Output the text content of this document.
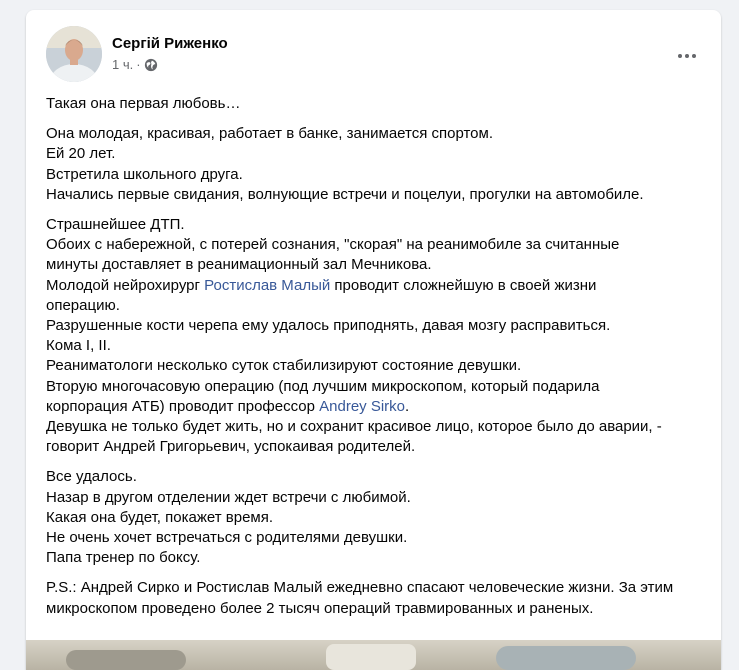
Сергій Риженко
1 ч. ·
Такая она первая любовь…
Она молодая, красивая, работает в банке, занимается спортом.
Ей 20 лет.
Встретила школьного друга.
Начались первые свидания, волнующие встречи и поцелуи, прогулки на автомобиле.
Страшнейшее ДТП.
Обоих с набережной, с потерей сознания, "скорая" на реанимобиле за считанные
минуты доставляет в реанимационный зал Мечникова.
Молодой нейрохирург Ростислав Малый проводит сложнейшую в своей жизни
операцию.
Разрушенные кости черепа ему удалось приподнять, давая мозгу расправиться.
Кома I, II.
Реаниматологи несколько суток стабилизируют состояние девушки.
Вторую многочасовую операцию (под лучшим микроскопом, который подарила
корпорация АТБ) проводит профессор Andrey Sirko.
Девушка не только будет жить, но и сохранит красивое лицо, которое было до аварии, -
говорит Андрей Григорьевич, успокаивая родителей.
Все удалось.
Назар в другом отделении ждет встречи с любимой.
Какая она будет, покажет время.
Не очень хочет встречаться с родителями девушки.
Папа тренер по боксу.
P.S.: Андрей Сирко и Ростислав Малый ежедневно спасают человеческие жизни. За этим
микроскопом проведено более 2 тысяч операций травмированных и раненых.
